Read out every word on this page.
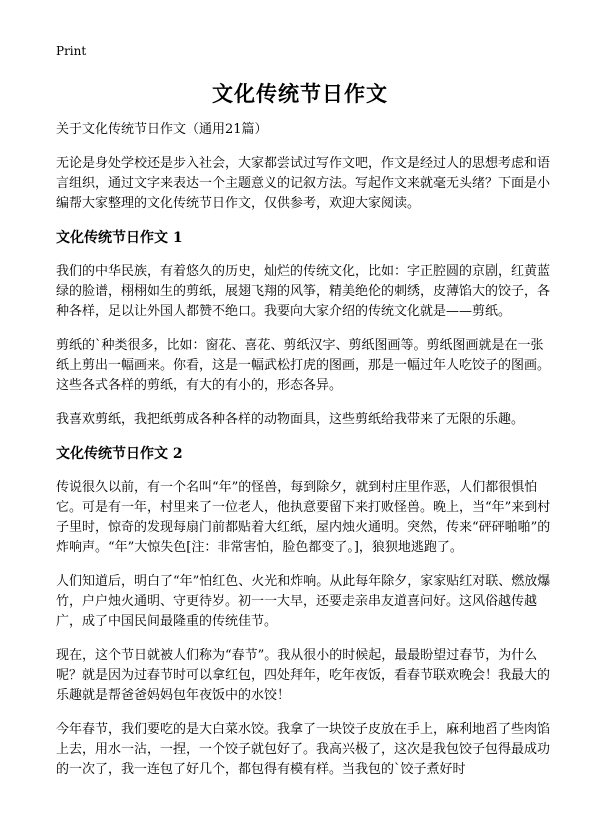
Print
文化传统节日作文
关于文化传统节日作文（通用21篇）

无论是身处学校还是步入社会，大家都尝试过写作文吧，作文是经过人的思想考虑和语言组织，通过文字来表达一个主题意义的记叙方法。写起作文来就毫无头绪？下面是小编帮大家整理的文化传统节日作文，仅供参考，欢迎大家阅读。

文化传统节日作文 1

我们的中华民族，有着悠久的历史，灿烂的传统文化，比如：字正腔圆的京剧，红黄蓝绿的脸谱，栩栩如生的剪纸，展翅飞翔的风筝，精美绝伦的刺绣，皮薄馅大的饺子，各种各样，足以让外国人都赞不绝口。我要向大家介绍的传统文化就是——剪纸。

剪纸的`种类很多，比如：窗花、喜花、剪纸汉字、剪纸图画等。剪纸图画就是在一张纸上剪出一幅画来。你看，这是一幅武松打虎的图画，那是一幅过年人吃饺子的图画。这些各式各样的剪纸，有大的有小的，形态各异。

我喜欢剪纸，我把纸剪成各种各样的动物面具，这些剪纸给我带来了无限的乐趣。

文化传统节日作文 2

传说很久以前，有一个名叫“年”的怪兽，每到除夕，就到村庄里作恶，人们都很惧怕它。可是有一年，村里来了一位老人，他执意要留下来打败怪兽。晚上，当“年”来到村子里时，惊奇的发现每扇门前都贴着大红纸，屋内烛火通明。突然，传来“砰砰啪啪”的炸响声。“年”大惊失色[注：非常害怕，脸色都变了。]，狼狈地逃跑了。

人们知道后，明白了“年”怕红色、火光和炸响。从此每年除夕，家家贴红对联、燃放爆竹，户户烛火通明、守更待岁。初一一大早，还要走亲串友道喜问好。这风俗越传越广，成了中国民间最隆重的传统佳节。

现在，这个节日就被人们称为“春节”。我从很小的时候起，最最盼望过春节，为什么呢？就是因为过春节时可以拿红包，四处拜年，吃年夜饭，看春节联欢晚会！我最大的乐趣就是帮爸爸妈妈包年夜饭中的水饺！

今年春节，我们要吃的是大白菜水饺。我拿了一块饺子皮放在手上，麻利地舀了些肉馅上去，用水一沾，一捏，一个饺子就包好了。我高兴极了，这次是我包饺子包得最成功的一次了，我一连包了好几个，都包得有模有样。当我包的`饺子煮好时
